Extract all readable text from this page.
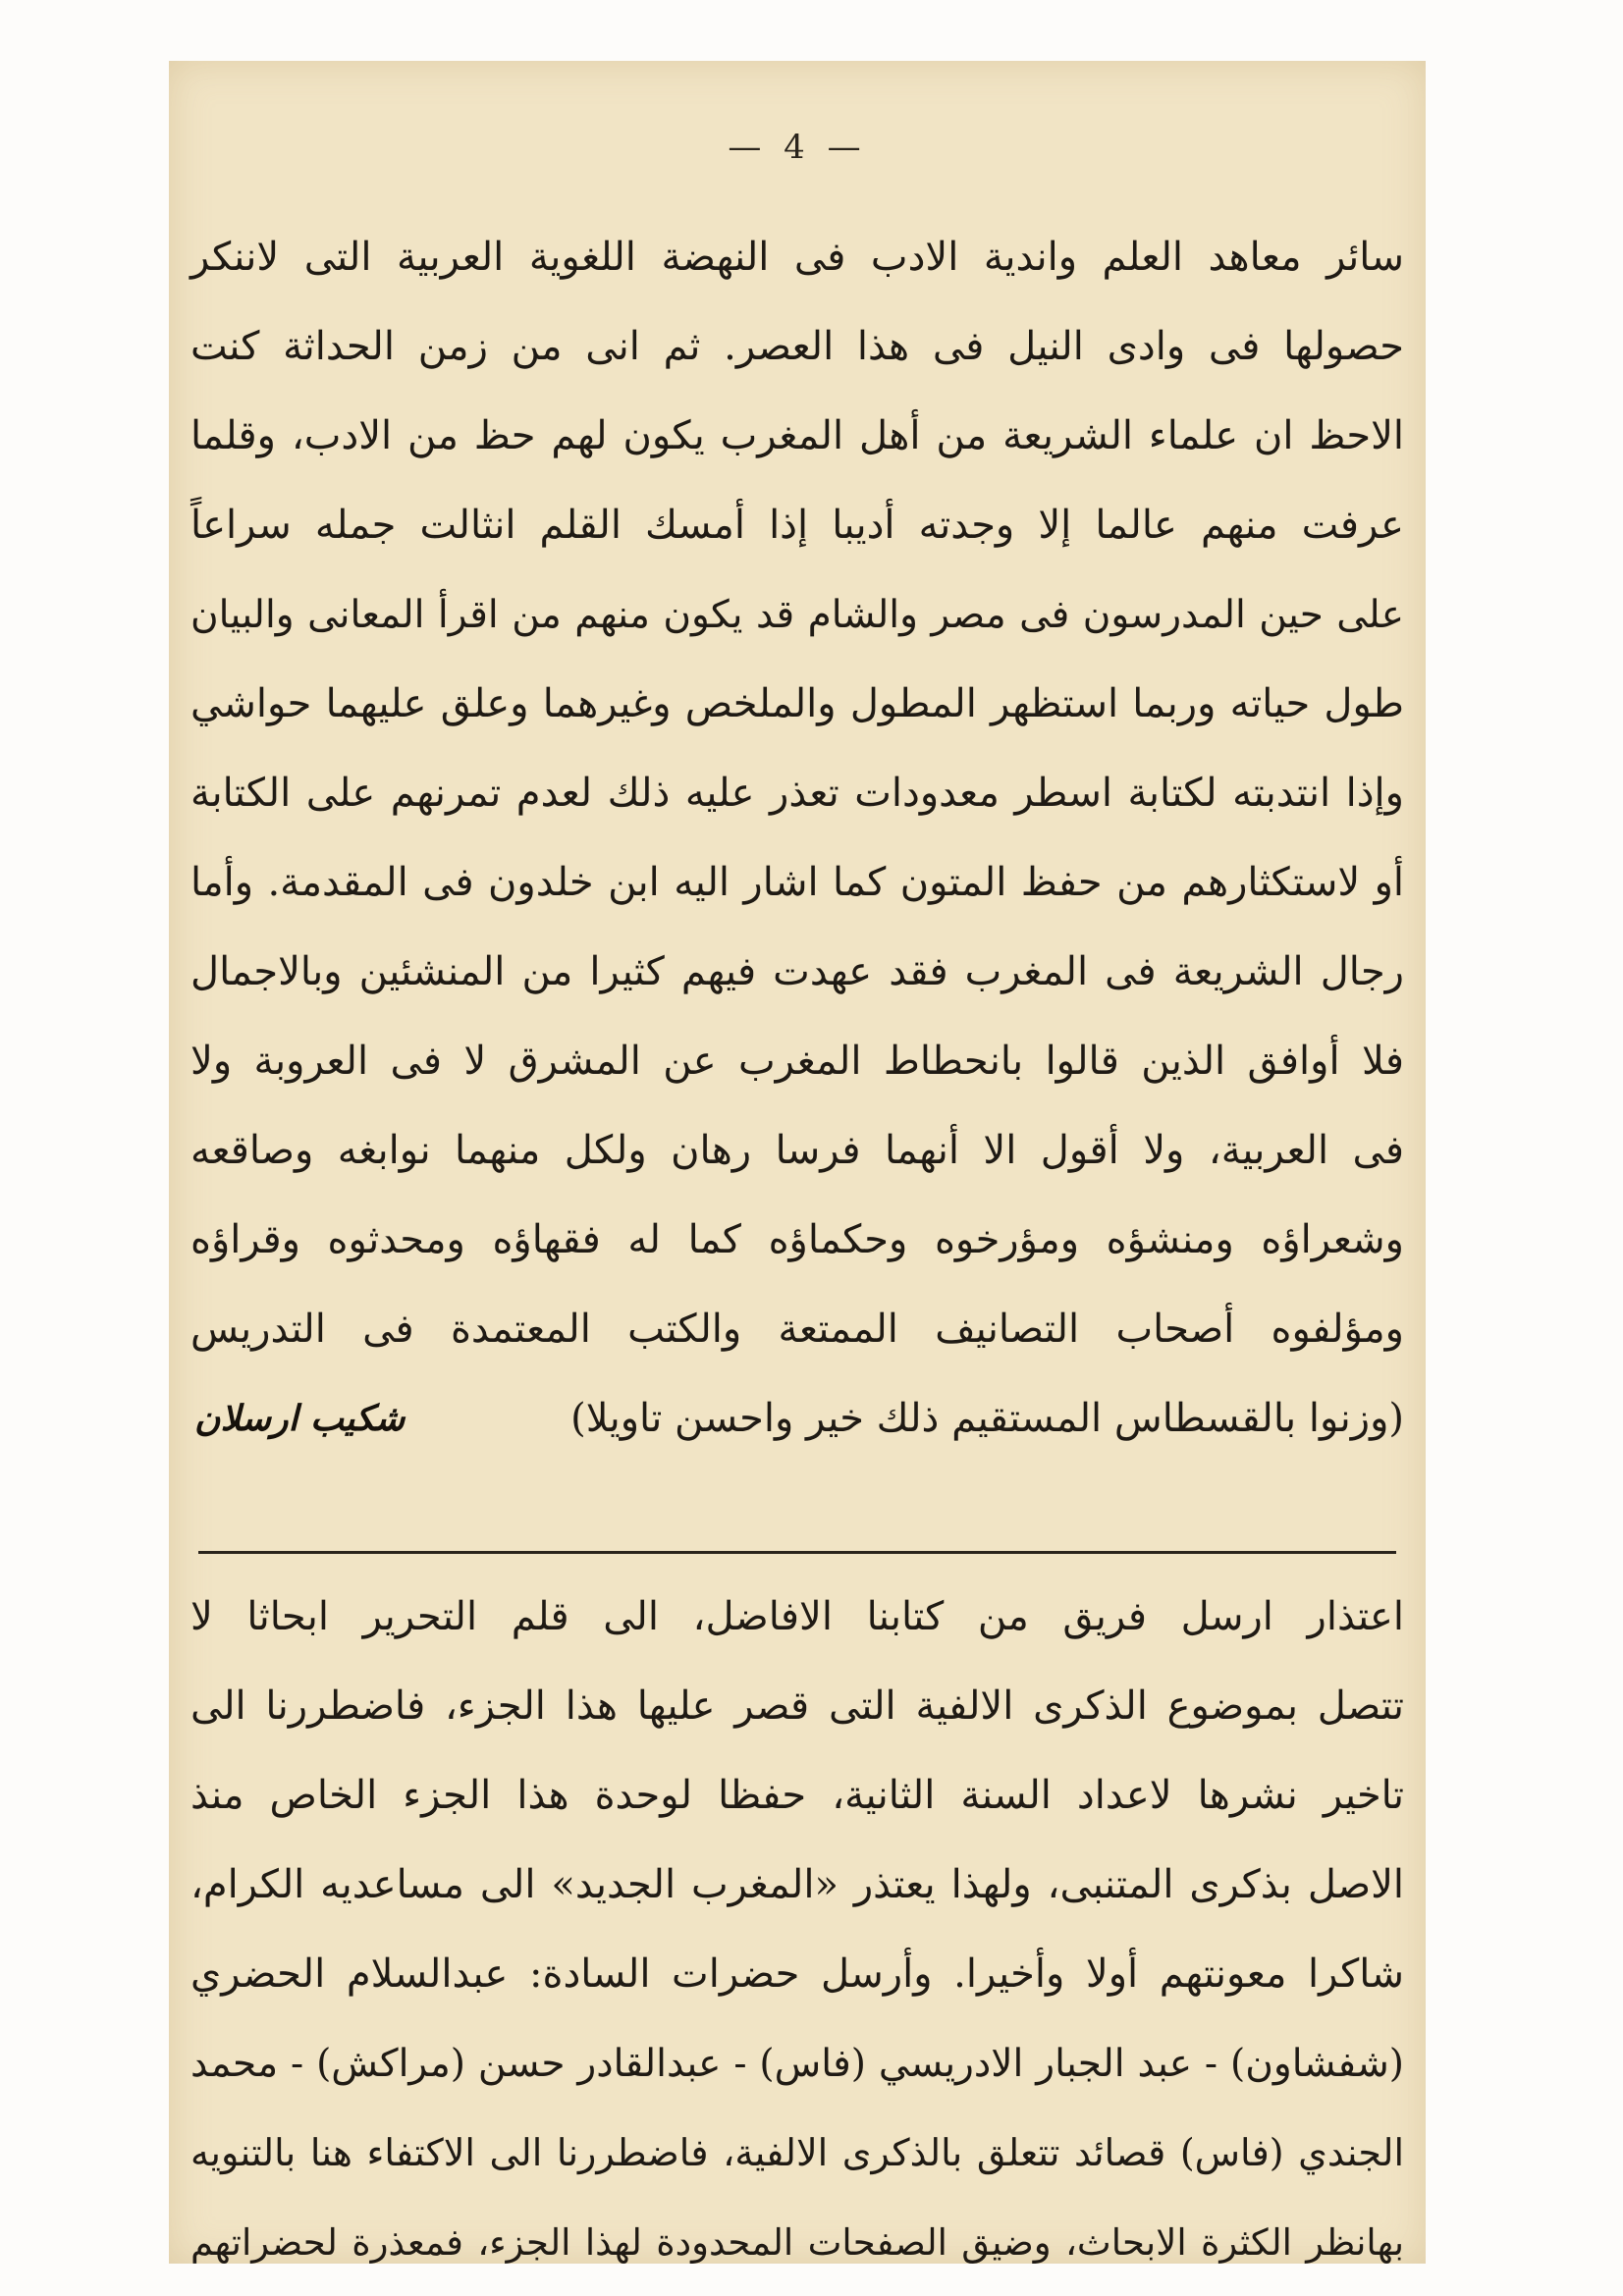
— 4 —
سائر معاهد العلم واندية الادب فى النهضة اللغوية العربية التى لاننكر
حصولها فى وادى النيل فى هذا العصر. ثم انى من زمن الحداثة كنت
الاحظ ان علماء الشريعة من أهل المغرب يكون لهم حظ من الادب، وقلما
عرفت منهم عالما إلا وجدته أديبا إذا أمسك القلم انثالت جمله سراعاً
على حين المدرسون فى مصر والشام قد يكون منهم من اقرأ المعانى والبيان
طول حياته وربما استظهر المطول والملخص وغيرهما وعلق عليهما حواشي
وإذا انتدبته لكتابة اسطر معدودات تعذر عليه ذلك لعدم تمرنهم على الكتابة
أو لاستكثارهم من حفظ المتون كما اشار اليه ابن خلدون فى المقدمة. وأما
رجال الشريعة فى المغرب فقد عهدت فيهم كثيرا من المنشئين وبالاجمال
فلا أوافق الذين قالوا بانحطاط المغرب عن المشرق لا فى العروبة ولا
فى العربية، ولا أقول الا أنهما فرسا رهان ولكل منهما نوابغه وصاقعه
وشعراؤه ومنشؤه ومؤرخوه وحكماؤه كما له فقهاؤه ومحدثوه وقراؤه
ومؤلفوه أصحاب التصانيف الممتعة والكتب المعتمدة فى التدريس
(وزنوا بالقسطاس المستقيم ذلك خير واحسن تاويلا)
شكيب ارسلان
اعتذار ارسل فريق من كتابنا الافاضل، الى قلم التحرير ابحاثا لا
تتصل بموضوع الذكرى الالفية التى قصر عليها هذا الجزء، فاضطررنا الى
تاخير نشرها لاعداد السنة الثانية، حفظا لوحدة هذا الجزء الخاص منذ
الاصل بذكرى المتنبى، ولهذا يعتذر «المغرب الجديد» الى مساعديه الكرام،
شاكرا معونتهم أولا وأخيرا. وأرسل حضرات السادة: عبدالسلام الحضري
(شفشاون) - عبد الجبار الادريسي (فاس) - عبدالقادر حسن (مراكش) - محمد
الجندي (فاس) قصائد تتعلق بالذكرى الالفية، فاضطررنا الى الاكتفاء هنا بالتنويه
بهانظر الكثرة الابحاث، وضيق الصفحات المحدودة لهذا الجزء، فمعذرة لحضراتهم
